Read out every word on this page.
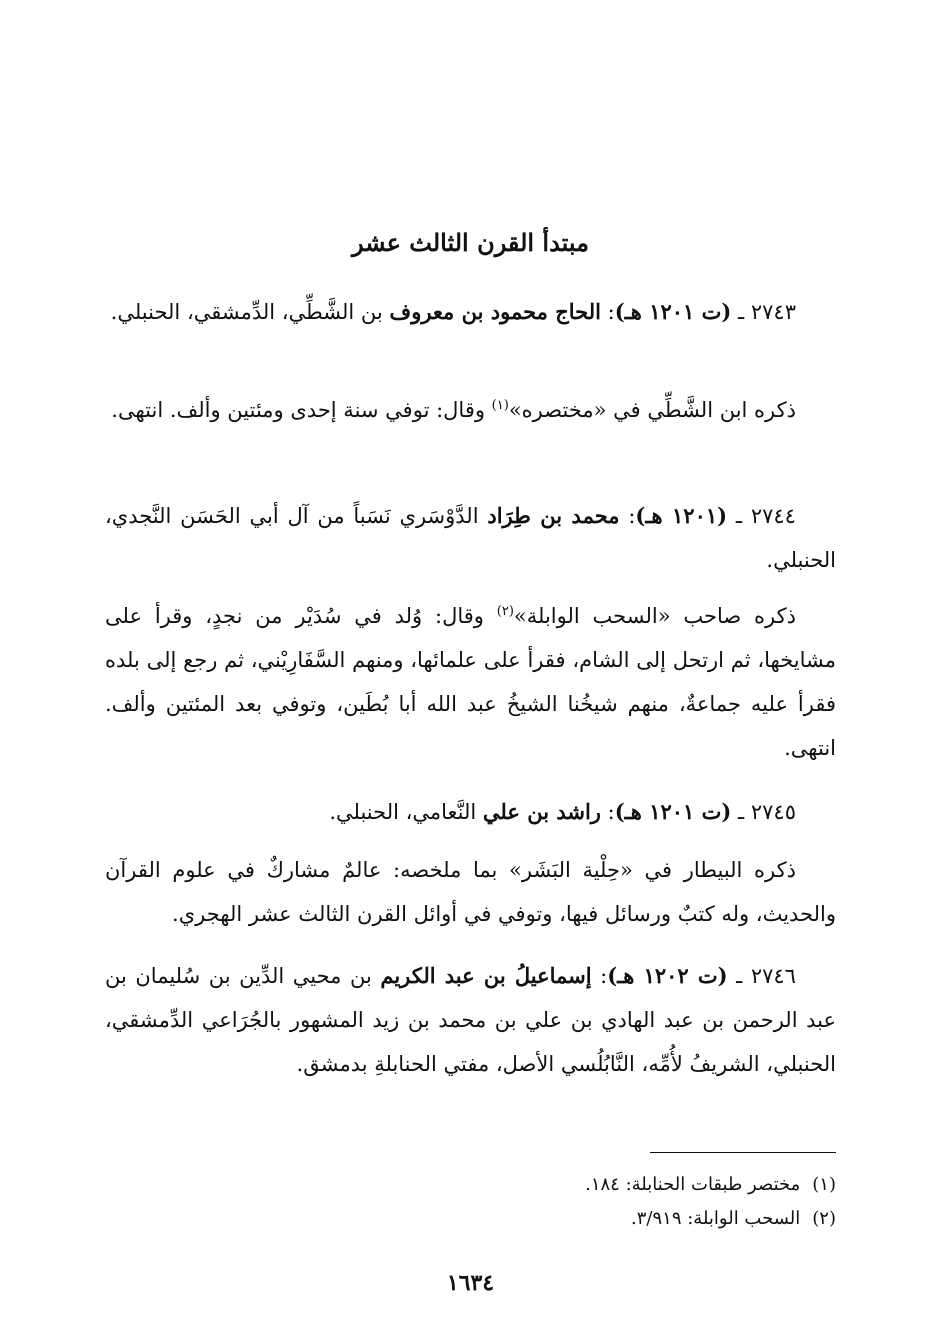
مبتدأ القرن الثالث عشر

٢٧٤٣ ـ (ت ١٢٠١ هـ): الحاج محمود بن معروف بن الشَّطِّي، الدِّمشقي، الحنبلي.

ذكره ابن الشَّطِّي في «مختصره»$^{(١)}$ وقال: توفي سنة إحدى ومئتين وألف. انتهى.

٢٧٤٤ ـ (١٢٠١ هـ): محمد بن طِرَاد الدَّوْسَري نَسَباً من آل أبي الحَسَن النَّجدي، الحنبلي.

ذكره صاحب «السحب الوابلة»$^{(٢)}$ وقال: وُلد في سُدَيْر من نجدٍ، وقرأ على مشايخها، ثم ارتحل إلى الشام، فقرأ على علمائها، ومنهم السَّفَارِيْني، ثم رجع إلى بلده فقرأ عليه جماعةٌ، منهم شيخُنا الشيخُ عبد الله أبا بُطَين، وتوفي بعد المئتين وألف. انتهى.

٢٧٤٥ ـ (ت ١٢٠١ هـ): راشد بن علي النَّعامي، الحنبلي.

ذكره البيطار في «حِلْية البَشَر» بما ملخصه: عالمٌ مشاركٌ في علوم القرآن والحديث، وله كتبٌ ورسائل فيها، وتوفي في أوائل القرن الثالث عشر الهجري.

٢٧٤٦ ـ (ت ١٢٠٢ هـ): إسماعيلُ بن عبد الكريم بن محيي الدِّين بن سُليمان بن عبد الرحمن بن عبد الهادي بن علي بن محمد بن زيد المشهور بالجُرَاعي الدِّمشقي، الحنبلي، الشريفُ لأُمِّه، النَّابُلُسي الأصل، مفتي الحنابلةِ بدمشق.

(١)مختصر طبقات الحنابلة: ١٨٤.

(٢)السحب الوابلة: ٣/٩١٩.

١٦٣٤
